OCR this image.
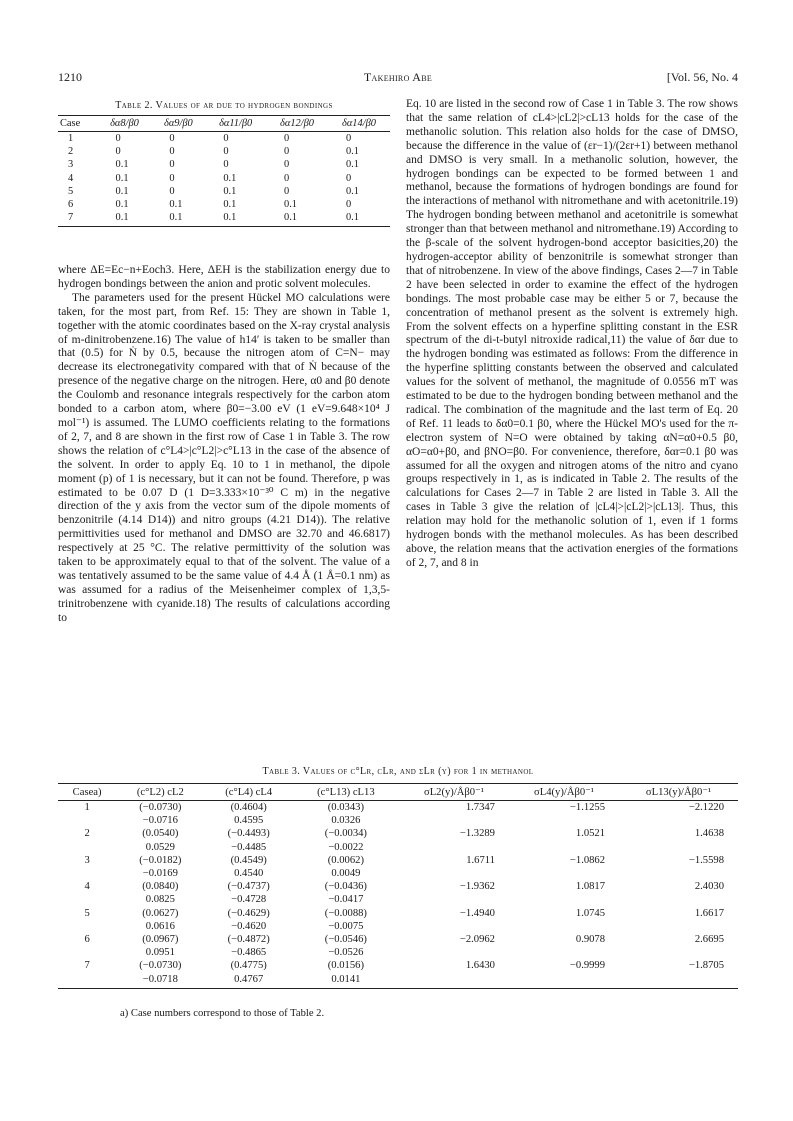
1210	Takehiro Abe	[Vol. 56, No. 4
Table 2. Values of αr due to hydrogen bondings
Case	δα8/β0	δα9/β0	δα11/β0	δα12/β0	δα14/β0
1	0	0	0	0	0
2	0	0	0	0	0.1
3	0.1	0	0	0	0.1
4	0.1	0	0.1	0	0
5	0.1	0	0.1	0	0.1
6	0.1	0.1	0.1	0.1	0
7	0.1	0.1	0.1	0.1	0.1

where ΔE=Ec−n+Eoch3. Here, ΔEH is the stabilization energy due to hydrogen bondings between the anion and protic solvent molecules.

The parameters used for the present Hückel MO calculations were taken, for the most part, from Ref. 15: They are shown in Table 1, together with the atomic coordinates based on the X-ray crystal analysis of m-dinitrobenzene.16) The value of h14′ is taken to be smaller than that (0.5) for Ṅ by 0.5, because the nitrogen atom of C=N− may decrease its electronegativity compared with that of Ṅ because of the presence of the negative charge on the nitrogen. Here, α0 and β0 denote the Coulomb and resonance integrals respectively for the carbon atom bonded to a carbon atom, where β0=−3.00 eV (1 eV=9.648×10⁴ J mol⁻¹) is assumed. The LUMO coefficients relating to the formations of 2, 7, and 8 are shown in the first row of Case 1 in Table 3. The row shows the relation of c°L4>|c°L2|>c°L13 in the case of the absence of the solvent. In order to apply Eq. 10 to 1 in methanol, the dipole moment (p) of 1 is necessary, but it can not be found. Therefore, p was estimated to be 0.07 D (1 D=3.333×10⁻³⁰ C m) in the negative direction of the y axis from the vector sum of the dipole moments of benzonitrile (4.14 D14)) and nitro groups (4.21 D14)). The relative permittivities used for methanol and DMSO are 32.70 and 46.6817) respectively at 25 °C. The relative permittivity of the solution was taken to be approximately equal to that of the solvent. The value of a was tentatively assumed to be the same value of 4.4 Å (1 Å=0.1 nm) as was assumed for a radius of the Meisenheimer complex of 1,3,5-trinitrobenzene with cyanide.18) The results of calculations according to

Eq. 10 are listed in the second row of Case 1 in Table 3. The row shows that the same relation of cL4>|cL2|>cL13 holds for the case of the methanolic solution. This relation also holds for the case of DMSO, because the difference in the value of (εr−1)/(2εr+1) between methanol and DMSO is very small. In a methanolic solution, however, the hydrogen bondings can be expected to be formed between 1 and methanol, because the formations of hydrogen bondings are found for the interactions of methanol with nitromethane and with acetonitrile.19) The hydrogen bonding between methanol and acetonitrile is somewhat stronger than that between methanol and nitromethane.19) According to the β-scale of the solvent hydrogen-bond acceptor basicities,20) the hydrogen-acceptor ability of benzonitrile is somewhat stronger than that of nitrobenzene. In view of the above findings, Cases 2—7 in Table 2 have been selected in order to examine the effect of the hydrogen bondings. The most probable case may be either 5 or 7, because the concentration of methanol present as the solvent is extremely high. From the solvent effects on a hyperfine splitting constant in the ESR spectrum of the di-t-butyl nitroxide radical,11) the value of δαr due to the hydrogen bonding was estimated as follows: From the difference in the hyperfine splitting constants between the observed and calculated values for the solvent of methanol, the magnitude of 0.0556 mT was estimated to be due to the hydrogen bonding between methanol and the radical. The combination of the magnitude and the last term of Eq. 20 of Ref. 11 leads to δα0=0.1 β0, where the Hückel MO's used for the π-electron system of N=O were obtained by taking αN=α0+0.5 β0, αO=α0+β0, and βNO=β0. For convenience, therefore, δαr=0.1 β0 was assumed for all the oxygen and nitrogen atoms of the nitro and cyano groups respectively in 1, as is indicated in Table 2. The results of the calculations for Cases 2—7 in Table 2 are listed in Table 3. All the cases in Table 3 give the relation of |cL4|>|cL2|>|cL13|. Thus, this relation may hold for the methanolic solution of 1, even if 1 forms hydrogen bonds with the methanol molecules. As has been described above, the relation means that the activation energies of the formations of 2, 7, and 8 in

Table 3. Values of c°Lr, cLr, and σLr (y) for 1 in methanol
Casea)	(c°L2) cL2	(c°L4) cL4	(c°L13) cL13	σL2(y)/Åβ0⁻¹	σL4(y)/Åβ0⁻¹	σL13(y)/Åβ0⁻¹
1	(−0.0730)	(0.4604)	(0.0343)	1.7347	−1.1255	−2.1220
	−0.0716	0.4595	0.0326			
2	(0.0540)	(−0.4493)	(−0.0034)	−1.3289	1.0521	1.4638
	0.0529	−0.4485	−0.0022			
3	(−0.0182)	(0.4549)	(0.0062)	1.6711	−1.0862	−1.5598
	−0.0169	0.4540	0.0049			
4	(0.0840)	(−0.4737)	(−0.0436)	−1.9362	1.0817	2.4030
	0.0825	−0.4728	−0.0417			
5	(0.0627)	(−0.4629)	(−0.0088)	−1.4940	1.0745	1.6617
	0.0616	−0.4620	−0.0075			
6	(0.0967)	(−0.4872)	(−0.0546)	−2.0962	0.9078	2.6695
	0.0951	−0.4865	−0.0526			
7	(−0.0730)	(0.4775)	(0.0156)	1.6430	−0.9999	−1.8705
	−0.0718	0.4767	0.0141			
a) Case numbers correspond to those of Table 2.
